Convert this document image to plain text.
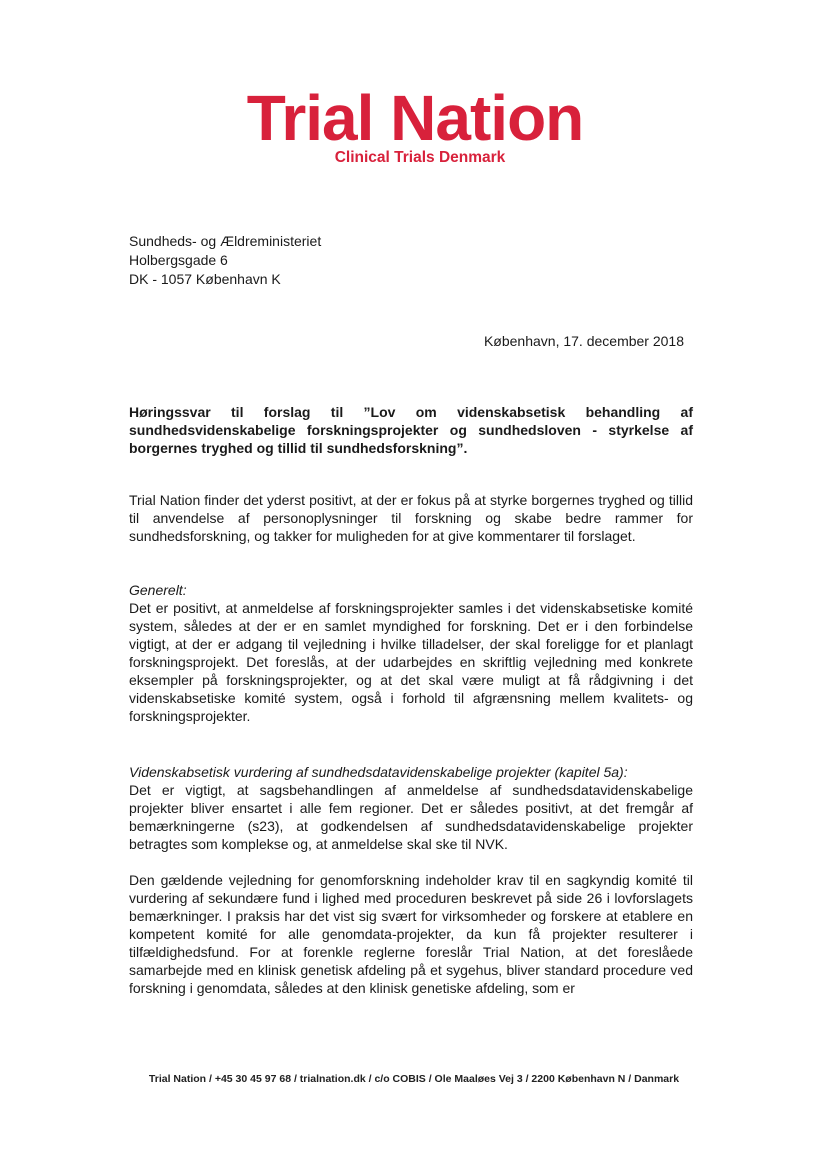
Trial Nation
Clinical Trials Denmark
Sundheds- og Ældreministeriet
Holbergsgade 6
DK - 1057 København K
København, 17. december 2018

Høringssvar til forslag til ”Lov om videnskabsetisk behandling af sundhedsvidenskabelige forskningsprojekter og sundhedsloven - styrkelse af borgernes tryghed og tillid til sundhedsforskning”.

Trial Nation finder det yderst positivt, at der er fokus på at styrke borgernes tryghed og tillid til anvendelse af personoplysninger til forskning og skabe bedre rammer for sundhedsforskning, og takker for muligheden for at give kommentarer til forslaget.

Generelt:

Det er positivt, at anmeldelse af forskningsprojekter samles i det videnskabsetiske komité system, således at der er en samlet myndighed for forskning. Det er i den forbindelse vigtigt, at der er adgang til vejledning i hvilke tilladelser, der skal foreligge for et planlagt forskningsprojekt. Det foreslås, at der udarbejdes en skriftlig vejledning med konkrete eksempler på forskningsprojekter, og at det skal være muligt at få rådgivning i det videnskabsetiske komité system, også i forhold til afgrænsning mellem kvalitets- og forskningsprojekter.

Videnskabsetisk vurdering af sundhedsdatavidenskabelige projekter (kapitel 5a):

Det er vigtigt, at sagsbehandlingen af anmeldelse af sundhedsdatavidenskabelige projekter bliver ensartet i alle fem regioner. Det er således positivt, at det fremgår af bemærkningerne (s23), at godkendelsen af sundhedsdatavidenskabelige projekter betragtes som komplekse og, at anmeldelse skal ske til NVK.

Den gældende vejledning for genomforskning indeholder krav til en sagkyndig komité til vurdering af sekundære fund i lighed med proceduren beskrevet på side 26 i lovforslagets bemærkninger. I praksis har det vist sig svært for virksomheder og forskere at etablere en kompetent komité for alle genomdata-projekter, da kun få projekter resulterer i tilfældighedsfund. For at forenkle reglerne foreslår Trial Nation, at det foreslåede samarbejde med en klinisk genetisk afdeling på et sygehus, bliver standard procedure ved forskning i genomdata, således at den klinisk genetiske afdeling, som er

Trial Nation / +45 30 45 97 68 / trialnation.dk / c/o COBIS / Ole Maaløes Vej 3 / 2200 København N / Danmark
